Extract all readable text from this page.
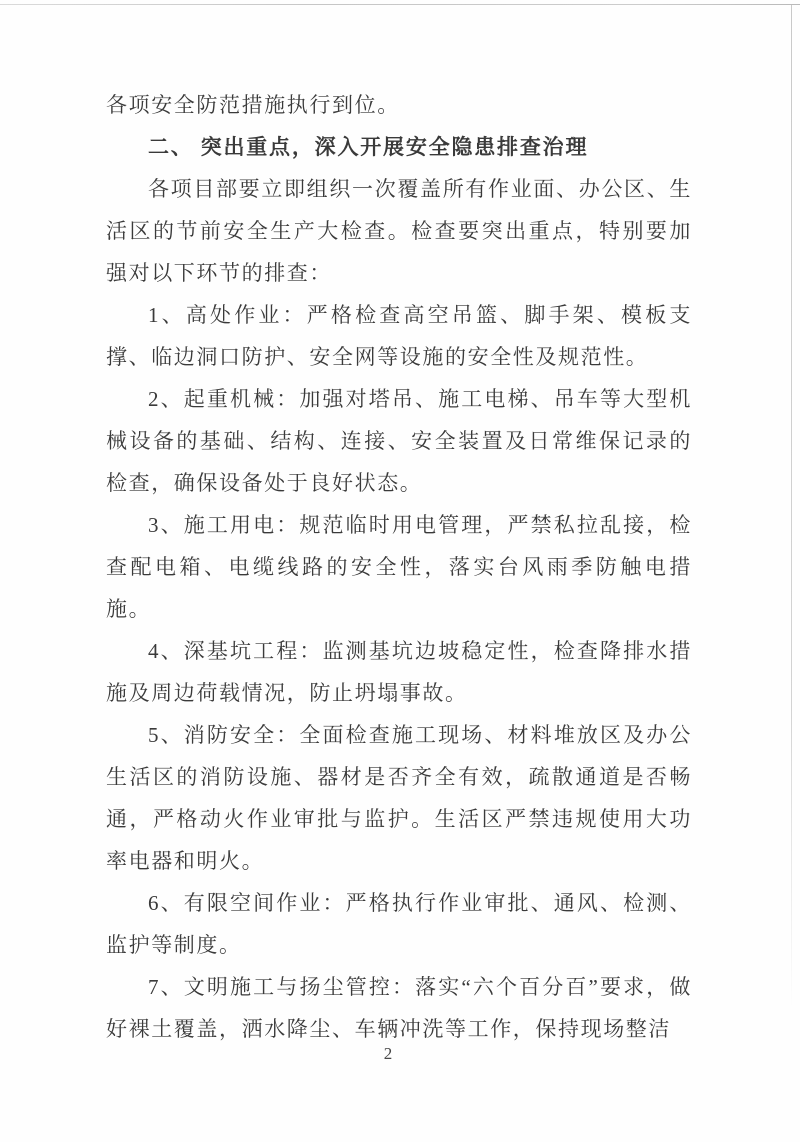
各项安全防范措施执行到位。

二、 突出重点，深入开展安全隐患排查治理

各项目部要立即组织一次覆盖所有作业面、办公区、生活区的节前安全生产大检查。检查要突出重点，特别要加强对以下环节的排查：

1、高处作业：严格检查高空吊篮、脚手架、模板支撑、临边洞口防护、安全网等设施的安全性及规范性。

2、起重机械：加强对塔吊、施工电梯、吊车等大型机械设备的基础、结构、连接、安全装置及日常维保记录的检查，确保设备处于良好状态。

3、施工用电：规范临时用电管理，严禁私拉乱接，检查配电箱、电缆线路的安全性，落实台风雨季防触电措施。

4、深基坑工程：监测基坑边坡稳定性，检查降排水措施及周边荷载情况，防止坍塌事故。

5、消防安全：全面检查施工现场、材料堆放区及办公生活区的消防设施、器材是否齐全有效，疏散通道是否畅通，严格动火作业审批与监护。生活区严禁违规使用大功率电器和明火。

6、有限空间作业：严格执行作业审批、通风、检测、监护等制度。

7、文明施工与扬尘管控：落实“六个百分百”要求，做好裸土覆盖，洒水降尘、车辆冲洗等工作，保持现场整洁

2
